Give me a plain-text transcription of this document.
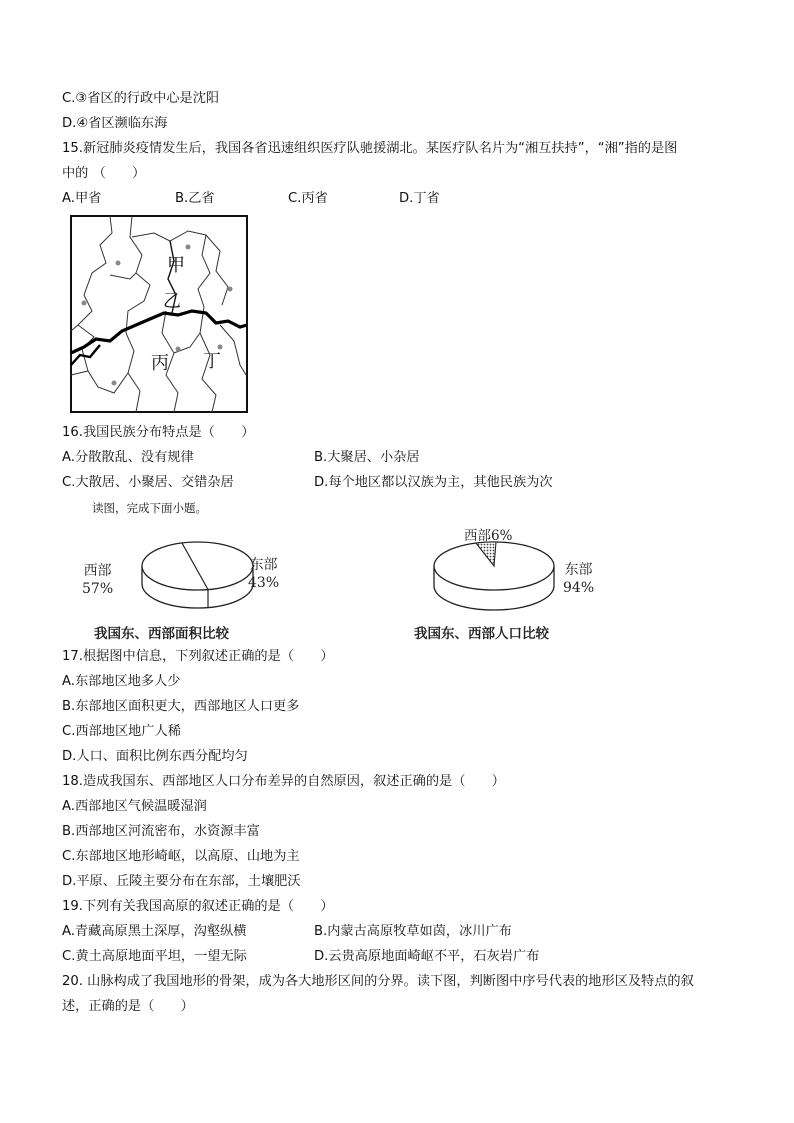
C.③省区的行政中心是沈阳
D.④省区濒临东海
15.新冠肺炎疫情发生后，我国各省迅速组织医疗队驰援湖北。某医疗队名片为“湘互扶持”，“湘”指的是图
中的 （　　）
A.甲省	B.乙省	C.丙省	D.丁省
甲
乙
丙 丁
16.我国民族分布特点是（　　）
A.分散散乱、没有规律	B.大聚居、小杂居
C.大散居、小聚居、交错杂居	D.每个地区都以汉族为主，其他民族为次
读图，完成下面小题。
西部
57%
东部
43%
我国东、西部面积比较
西部6%
东部
94%
我国东、西部人口比较
17.根据图中信息，下列叙述正确的是（　　）
A.东部地区地多人少
B.东部地区面积更大，西部地区人口更多
C.西部地区地广人稀
D.人口、面积比例东西分配均匀
18.造成我国东、西部地区人口分布差异的自然原因，叙述正确的是（　　）
A.西部地区气候温暖湿润
B.西部地区河流密布，水资源丰富
C.东部地区地形崎岖，以高原、山地为主
D.平原、丘陵主要分布在东部，土壤肥沃
19.下列有关我国高原的叙述正确的是（　　）
A.青藏高原黑土深厚，沟壑纵横	B.内蒙古高原牧草如茵，冰川广布
C.黄土高原地面平坦，一望无际	D.云贵高原地面崎岖不平，石灰岩广布
20. 山脉构成了我国地形的骨架，成为各大地形区间的分界。读下图，判断图中序号代表的地形区及特点的叙
述，正确的是（　　）
